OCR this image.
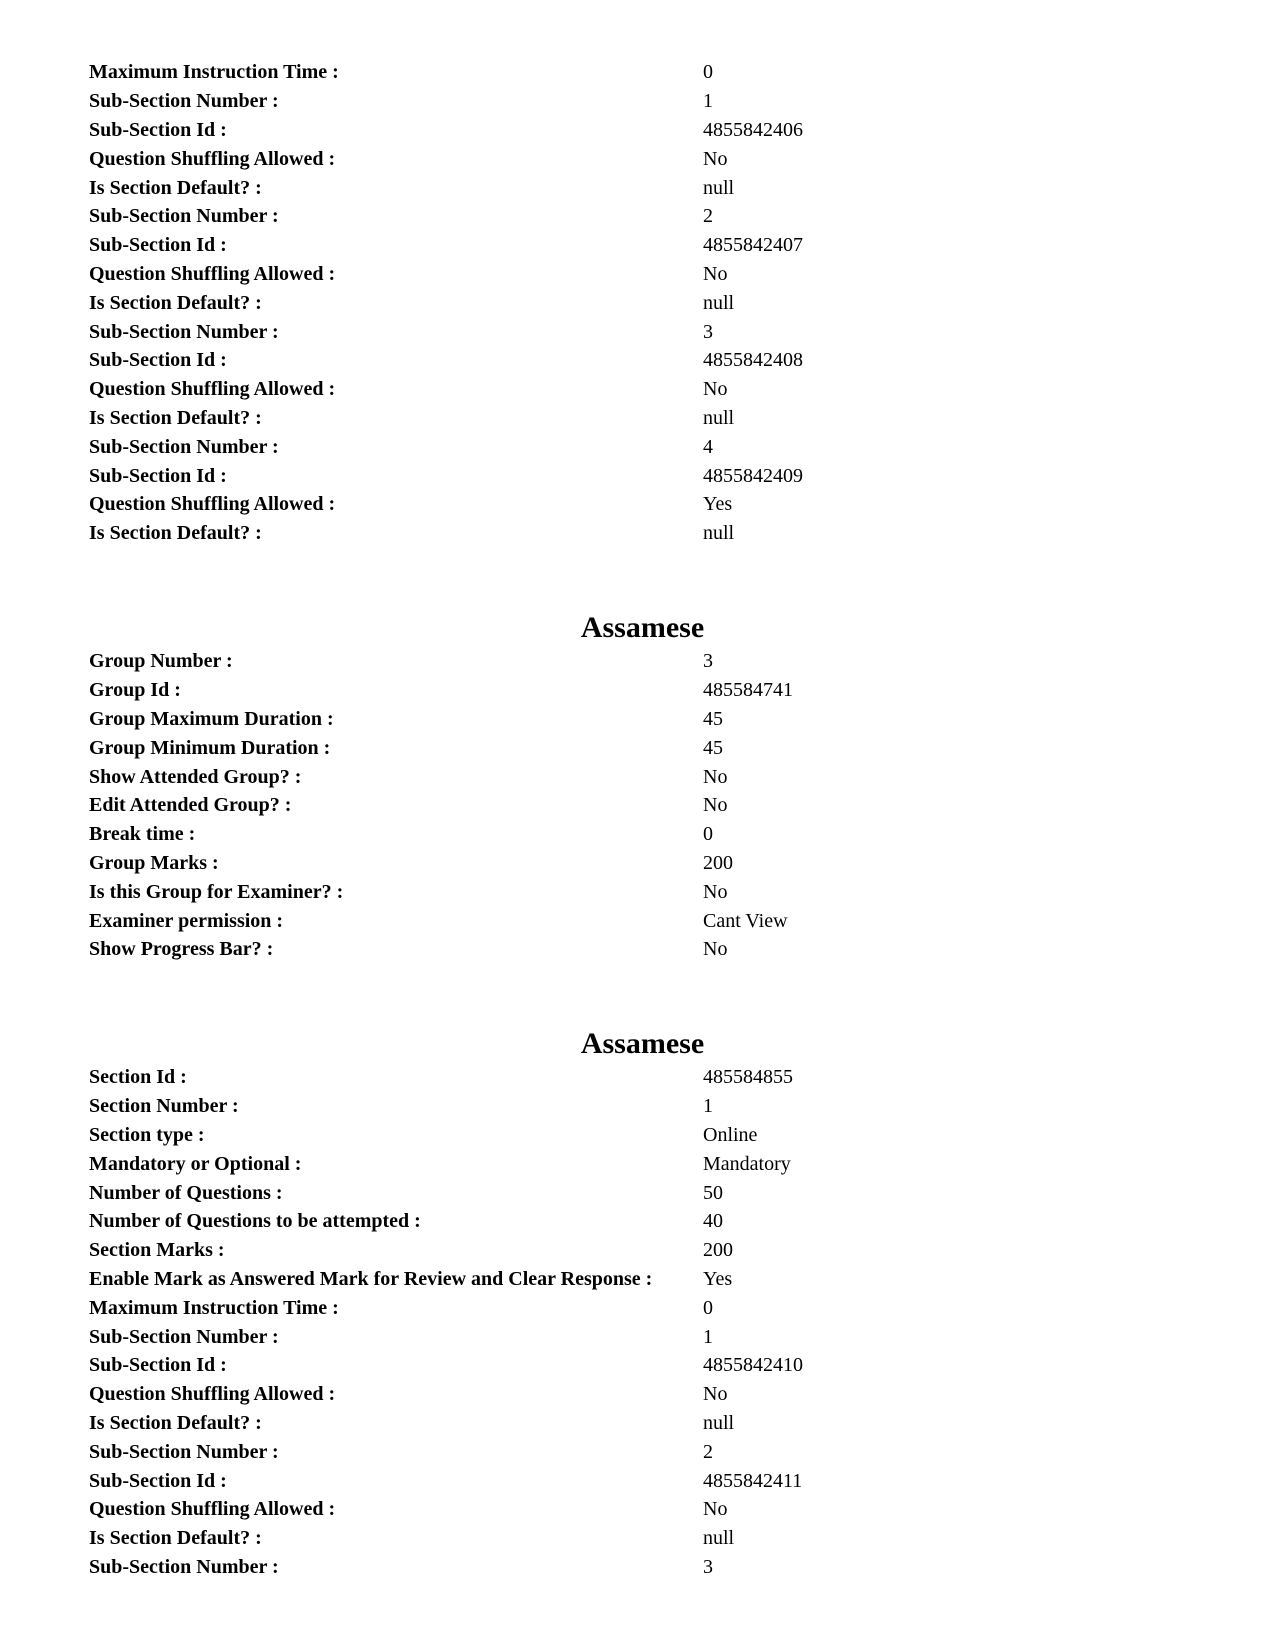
Maximum Instruction Time :	0
Sub-Section Number :	1
Sub-Section Id :	4855842406
Question Shuffling Allowed :	No
Is Section Default? :	null
Sub-Section Number :	2
Sub-Section Id :	4855842407
Question Shuffling Allowed :	No
Is Section Default? :	null
Sub-Section Number :	3
Sub-Section Id :	4855842408
Question Shuffling Allowed :	No
Is Section Default? :	null
Sub-Section Number :	4
Sub-Section Id :	4855842409
Question Shuffling Allowed :	Yes
Is Section Default? :	null
Assamese
Group Number :	3
Group Id :	485584741
Group Maximum Duration :	45
Group Minimum Duration :	45
Show Attended Group? :	No
Edit Attended Group? :	No
Break time :	0
Group Marks :	200
Is this Group for Examiner? :	No
Examiner permission :	Cant View
Show Progress Bar? :	No
Assamese
Section Id :	485584855
Section Number :	1
Section type :	Online
Mandatory or Optional :	Mandatory
Number of Questions :	50
Number of Questions to be attempted :	40
Section Marks :	200
Enable Mark as Answered Mark for Review and Clear Response :	Yes
Maximum Instruction Time :	0
Sub-Section Number :	1
Sub-Section Id :	4855842410
Question Shuffling Allowed :	No
Is Section Default? :	null
Sub-Section Number :	2
Sub-Section Id :	4855842411
Question Shuffling Allowed :	No
Is Section Default? :	null
Sub-Section Number :	3
